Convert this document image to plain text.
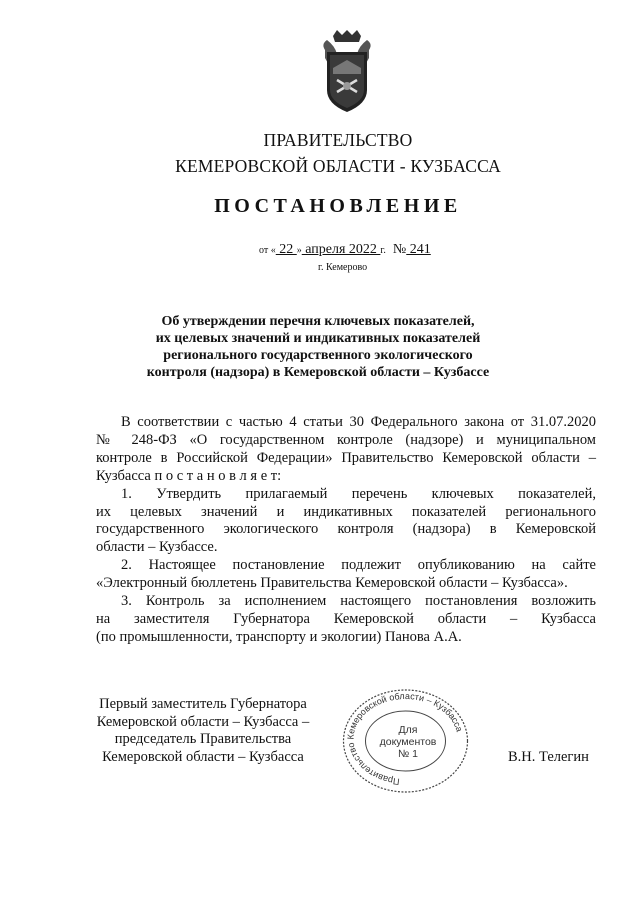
ПРАВИТЕЛЬСТВО
КЕМЕРОВСКОЙ ОБЛАСТИ - КУЗБАССА
ПОСТАНОВЛЕНИЕ
от « 22 » апреля 2022 г. № 241
г. Кемерово
Об утверждении перечня ключевых показателей,
их целевых значений и индикативных показателей
регионального государственного экологического
контроля (надзора) в Кемеровской области – Кузбассе

В соответствии с частью 4 статьи 30 Федерального закона от 31.07.2020

№ 248-ФЗ «О государственном контроле (надзоре) и муниципальном

контроле в Российской Федерации» Правительство Кемеровской области –

Кузбасса п о с т а н о в л я е т:

1. Утвердить прилагаемый перечень ключевых показателей,

их целевых значений и индикативных показателей регионального

государственного экологического контроля (надзора) в Кемеровской

области – Кузбассе.

2. Настоящее постановление подлежит опубликованию на сайте

«Электронный бюллетень Правительства Кемеровской области – Кузбасса».

3. Контроль за исполнением настоящего постановления возложить

на заместителя Губернатора Кемеровской области – Кузбасса

(по промышленности, транспорту и экологии) Панова А.А.

Первый заместитель Губернатора
Кемеровской области – Кузбасса –
председатель Правительства
Кемеровской области – Кузбасса
Правительство Кемеровской области – Кузбасса
Для
документов
№ 1	В.Н. Телегин
